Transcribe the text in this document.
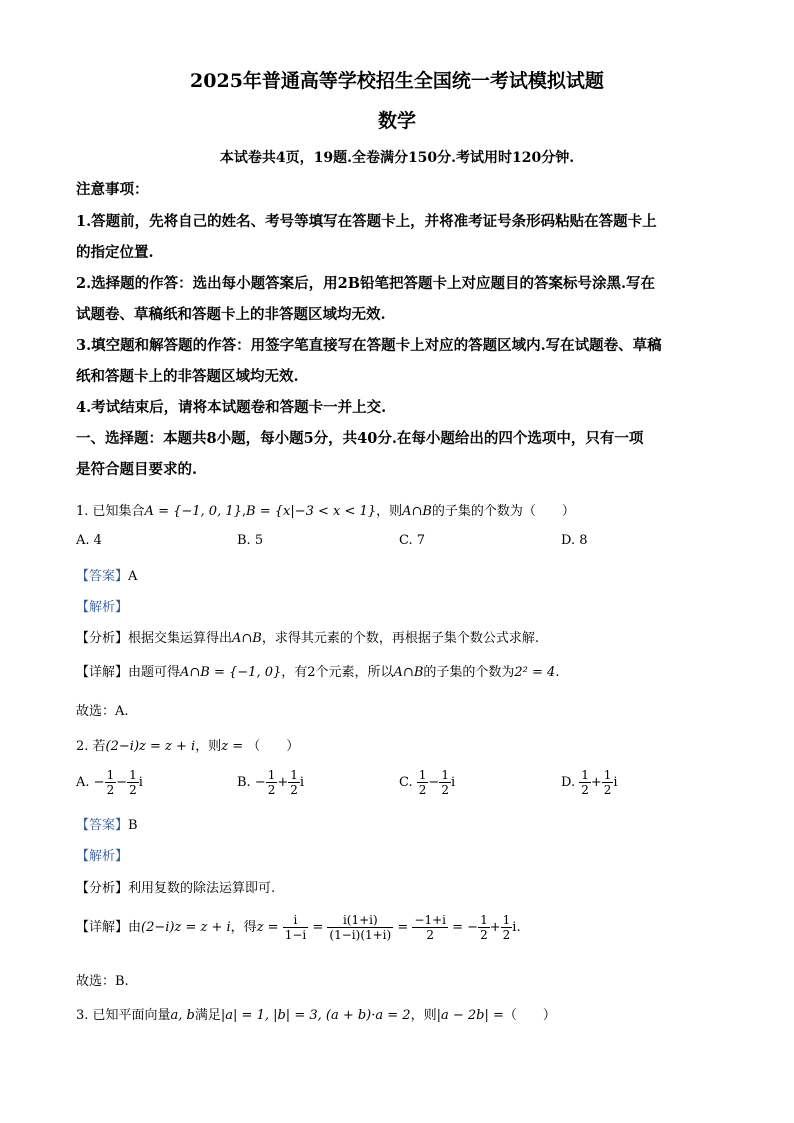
2025年普通高等学校招生全国统一考试模拟试题
数学
本试卷共4页，19题.全卷满分150分.考试用时120分钟.
注意事项：
1.答题前，先将自己的姓名、考号等填写在答题卡上，并将准考证号条形码粘贴在答题卡上
的指定位置.
2.选择题的作答：选出每小题答案后，用2B铅笔把答题卡上对应题目的答案标号涂黑.写在
试题卷、草稿纸和答题卡上的非答题区域均无效.
3.填空题和解答题的作答：用签字笔直接写在答题卡上对应的答题区域内.写在试题卷、草稿
纸和答题卡上的非答题区域均无效.
4.考试结束后，请将本试题卷和答题卡一并上交.
一、选择题：本题共8小题，每小题5分，共40分.在每小题给出的四个选项中，只有一项
是符合题目要求的.
1. 已知集合A = {−1, 0, 1},B = {x|−3 < x < 1}，则A∩B的子集的个数为（　　）
A. 4	B. 5	C. 7	D. 8
【答案】A
【解析】
【分析】根据交集运算得出A∩B，求得其元素的个数，再根据子集个数公式求解.
【详解】由题可得A∩B = {−1, 0}，有2个元素，所以A∩B的子集的个数为2² = 4.
故选：A.
2. 若(2−i)z = z + i，则z = （　　）
A. − $\frac{1}{2} - \frac{1}{2}$ i	B. − $\frac{1}{2} + \frac{1}{2}$ i	C. $\frac{1}{2} - \frac{1}{2}$ i	D. $\frac{1}{2} + \frac{1}{2}$ i
【答案】B
【解析】
【分析】利用复数的除法运算即可.
【详解】由(2−i)z = z + i，得$z = \frac{i}{1-i} = \frac{i(1+i)}{(1-i)(1+i)} = \frac{-1+i}{2}$ = − $\frac{1}{2} + \frac{1}{2} i$.
故选：B.
3. 已知平面向量a, b满足|a| = 1, |b| = 3, (a + b)·a = 2，则|a − 2b| =（　　）
